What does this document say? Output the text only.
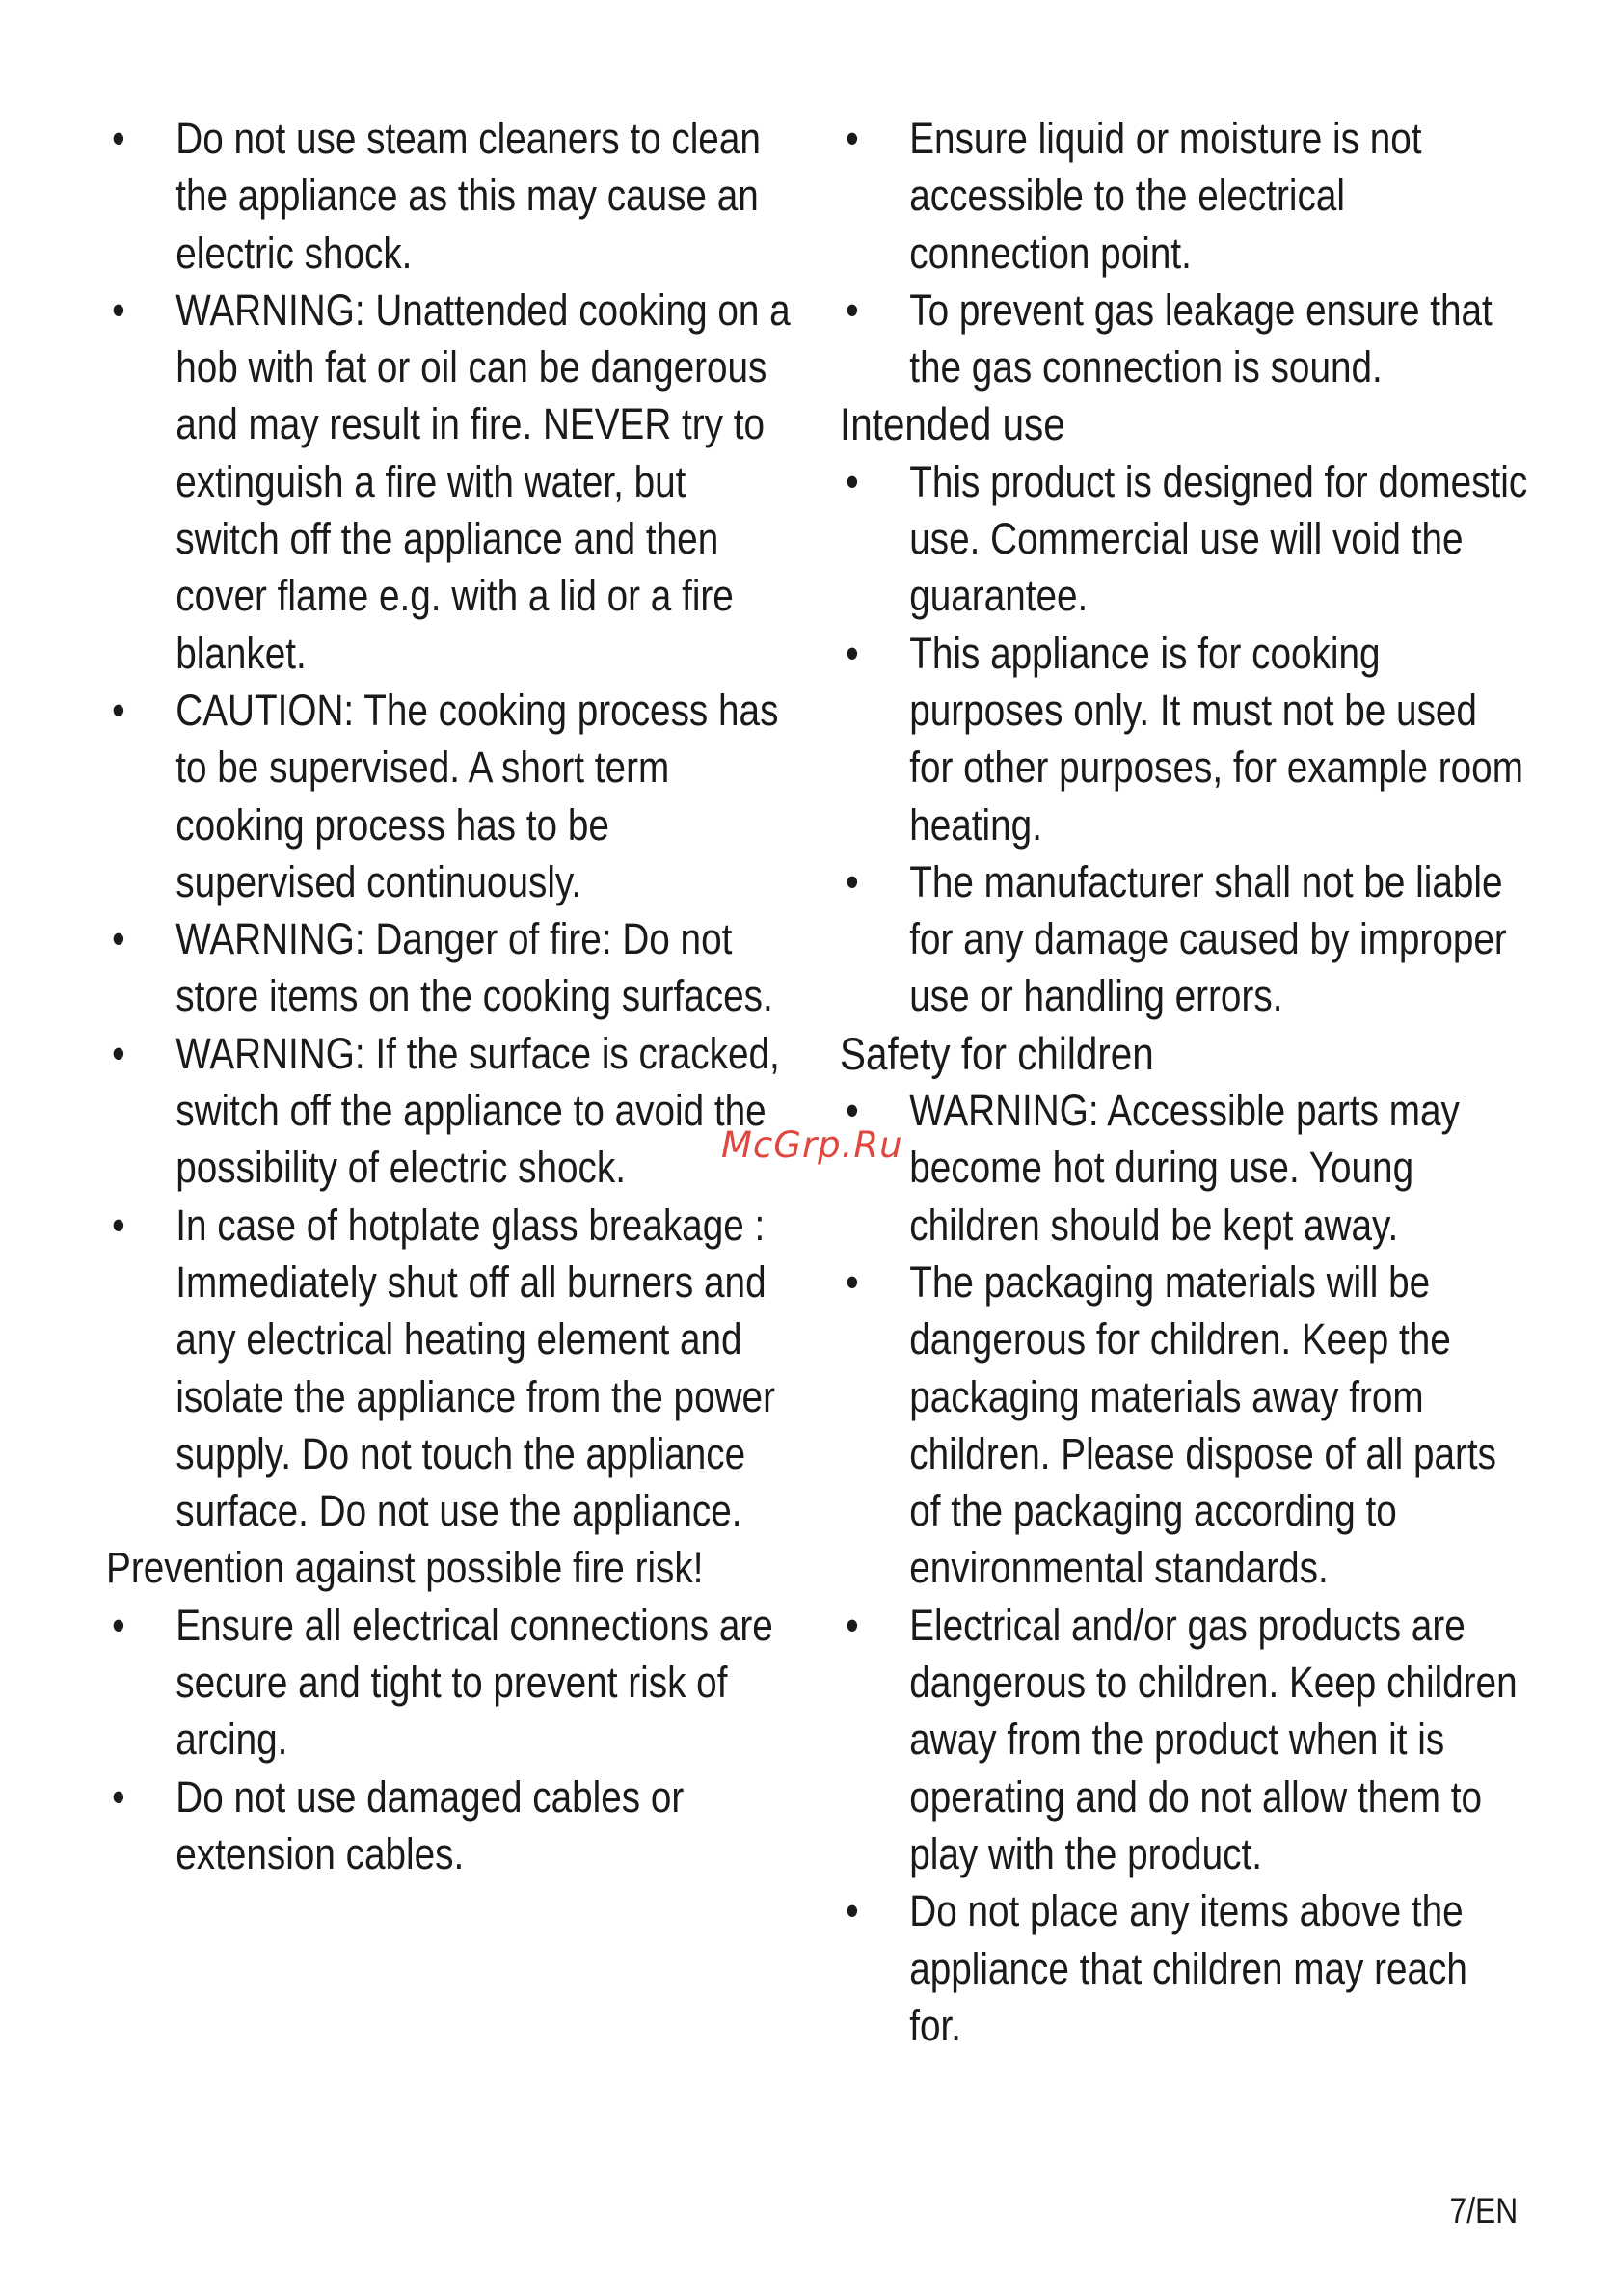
• Do not use steam cleaners to clean the appliance as this may cause an electric shock.
• WARNING: Unattended cooking on a hob with fat or oil can be dangerous and may result in fire. NEVER try to extinguish a fire with water, but switch off the appliance and then cover flame e.g. with a lid or a fire blanket.
• CAUTION: The cooking process has to be supervised. A short term cooking process has to be supervised continuously.
• WARNING: Danger of fire: Do not store items on the cooking surfaces.
• WARNING: If the surface is cracked, switch off the appliance to avoid the possibility of electric shock.
• In case of hotplate glass breakage : Immediately shut off all burners and any electrical heating element and isolate the appliance from the power supply. Do not touch the appliance surface. Do not use the appliance.
Prevention against possible fire risk!
• Ensure all electrical connections are secure and tight to prevent risk of arcing.
• Do not use damaged cables or extension cables.
• Ensure liquid or moisture is not accessible to the electrical connection point.
• To prevent gas leakage ensure that the gas connection is sound.
Intended use
• This product is designed for domestic use. Commercial use will void the guarantee.
• This appliance is for cooking purposes only. It must not be used for other purposes, for example room heating.
• The manufacturer shall not be liable for any damage caused by improper use or handling errors.
Safety for children
• WARNING: Accessible parts may become hot during use. Young children should be kept away.
• The packaging materials will be dangerous for children. Keep the packaging materials away from children. Please dispose of all parts of the packaging according to environmental standards.
• Electrical and/or gas products are dangerous to children. Keep children away from the product when it is operating and do not allow them to play with the product.
• Do not place any items above the appliance that children may reach for.
McGrp.Ru
7/EN
